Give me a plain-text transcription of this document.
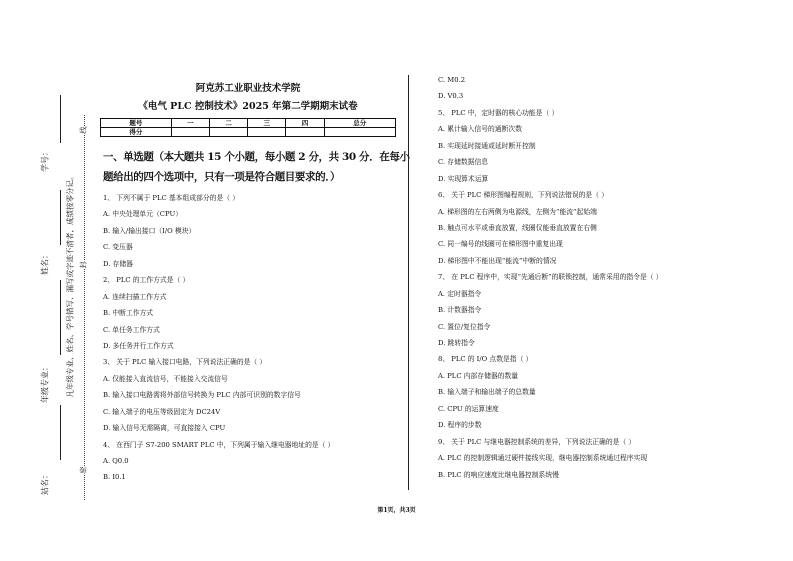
学号：
姓名：
年级专业：
站名：
凡年级专业、姓名、学号错写、漏写或字迹不清者，成绩按零分记。
线
封
密
阿克苏工业职业技术学院
《电气 PLC 控制技术》2025 年第二学期期末试卷
题号	一	二	三	四	总分
得分					
一、单选题（本大题共 15 个小题，每小题 2 分，共 30 分．在每小
题给出的四个选项中，只有一项是符合题目要求的．）
1、 下列不属于 PLC 基本组成部分的是（ ）
A. 中央处理单元（CPU）
B. 输入/输出接口（I/O 模块）
C. 变压器
D. 存储器
2、 PLC 的工作方式是（ ）
A. 连续扫描工作方式
B. 中断工作方式
C. 单任务工作方式
D. 多任务并行工作方式
3、 关于 PLC 输入接口电路，下列说法正确的是（ ）
A. 仅能接入直流信号，不能接入交流信号
B. 输入接口电路需将外部信号转换为 PLC 内部可识别的数字信号
C. 输入端子的电压等级固定为 DC24V
D. 输入信号无需隔离，可直接接入 CPU
4、 在西门子 S7-200 SMART PLC 中，下列属于输入继电器地址的是（ ）
A. Q0.0
B. I0.1
C. M0.2
D. V0.3
5、 PLC 中，定时器的核心功能是（ ）
A. 累计输入信号的通断次数
B. 实现延时接通或延时断开控制
C. 存储数据信息
D. 实现算术运算
6、 关于 PLC 梯形图编程规则，下列说法错误的是（ ）
A. 梯形图的左右两侧为电源线，左侧为“能流”起始端
B. 触点可水平或垂直放置，线圈仅能垂直放置在右侧
C. 同一编号的线圈可在梯形图中重复出现
D. 梯形图中不能出现“能流”中断的情况
7、 在 PLC 程序中，实现“先通后断”的联锁控制，通常采用的指令是（ ）
A. 定时器指令
B. 计数器指令
C. 置位/复位指令
D. 跳转指令
8、 PLC 的 I/O 点数是指（ ）
A. PLC 内部存储器的数量
B. 输入端子和输出端子的总数量
C. CPU 的运算速度
D. 程序的步数
9、 关于 PLC 与继电器控制系统的差异，下列说法正确的是（ ）
A. PLC 的控制逻辑通过硬件接线实现，继电器控制系统通过程序实现
B. PLC 的响应速度比继电器控制系统慢
第1页，共3页
